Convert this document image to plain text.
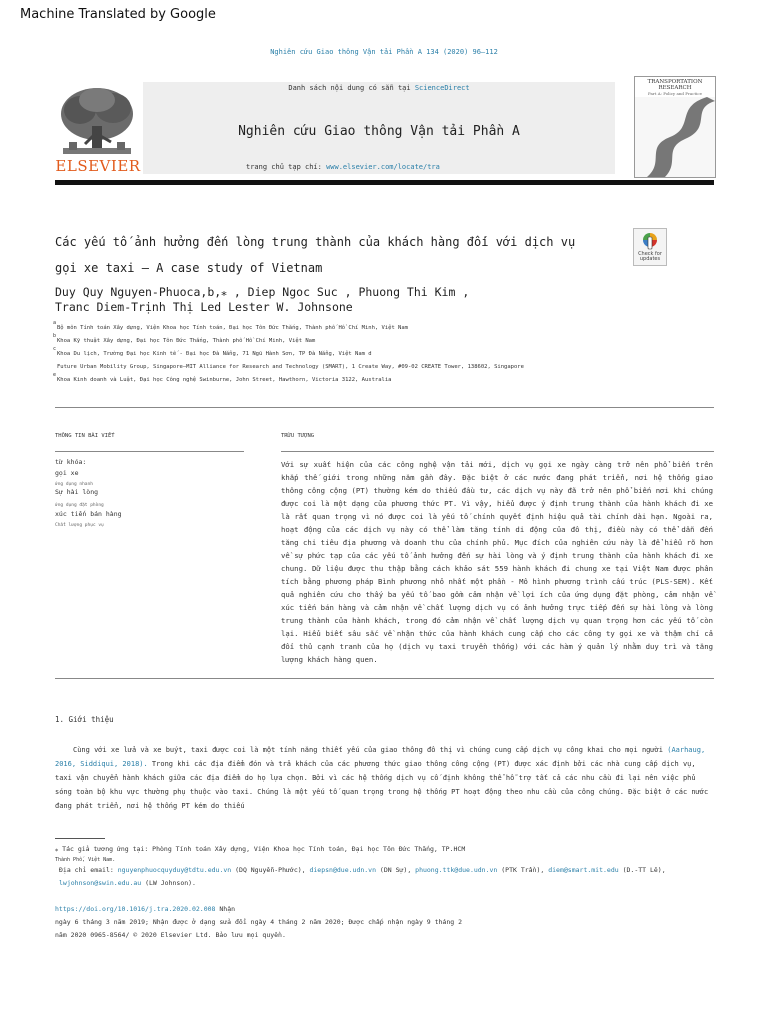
Machine Translated by Google
Nghiên cứu Giao thông Vận tải Phần A 134 (2020) 96–112
ELSEVIER
Danh sách nội dung có sẵn tại ScienceDirect
Nghiên cứu Giao thông Vận tải Phần A
trang chủ tạp chí: www.elsevier.com/locate/tra
TRANSPORTATION RESEARCH
Part A: Policy and Practice
Các yếu tố ảnh hưởng đến lòng trung thành của khách hàng đối với dịch vụ
gọi xe taxi – A case study of Vietnam
Check for updates
Duy Quy Nguyen-Phuoca,b,⁎ , Diep Ngoc Suc , Phuong Thi Kim ,
Tranc Diem-Trịnh Thị Led Lester W. Johnsone
a
Bộ môn Tính toán Xây dựng, Viện Khoa học Tính toán, Đại học Tôn Đức Thắng, Thành phố Hồ Chí Minh, Việt Nam
b
Khoa Kỹ thuật Xây dựng, Đại học Tôn Đức Thắng, Thành phố Hồ Chí Minh, Việt Nam
c
Khoa Du lịch, Trường Đại học Kinh tế - Đại học Đà Nẵng, 71 Ngũ Hành Sơn, TP Đà Nẵng, Việt Nam d
Future Urban Mobility Group, Singapore–MIT Alliance for Research and Technology (SMART), 1 Create Way, #09-02 CREATE Tower, 138602, Singapore
e
Khoa Kinh doanh và Luật, Đại học Công nghệ Swinburne, John Street, Hawthorn, Victoria 3122, Australia
THÔNG TIN BÀI VIẾT	TRỪU TƯỢNG
từ khóa:
gọi xe
ứng dụng nhanh
Sự hài lòng
ứng dụng đặt phòng
xúc tiến bán hàng
Chất lượng phục vụ
Với sự xuất hiện của các công nghệ vận tải mới, dịch vụ gọi xe ngày càng trở nên phổ biến trên khắp thế giới trong những năm gần đây. Đặc biệt ở các nước đang phát triển, nơi hệ thống giao thông công cộng (PT) thường kém do thiếu đầu tư, các dịch vụ này đã trở nên phổ biến nơi khi chúng được coi là một dạng của phương thức PT. Vì vậy, hiểu được ý định trung thành của hành khách đi xe là rất quan trọng vì nó được coi là yếu tố chính quyết định hiệu quả tài chính dài hạn. Ngoài ra, hoạt động của các dịch vụ này có thể làm tăng tính di động của đô thị, điều này có thể dẫn đến tăng chi tiêu địa phương và doanh thu của chính phủ. Mục đích của nghiên cứu này là để hiểu rõ hơn về sự phức tạp của các yếu tố ảnh hưởng đến sự hài lòng và ý định trung thành của hành khách đi xe chung. Dữ liệu được thu thập bằng cách khảo sát 559 hành khách đi chung xe tại Việt Nam được phân tích bằng phương pháp Bình phương nhỏ nhất một phần - Mô hình phương trình cấu trúc (PLS-SEM). Kết quả nghiên cứu cho thấy ba yếu tố bao gồm cảm nhận về lợi ích của ứng dụng đặt phòng, cảm nhận về xúc tiến bán hàng và cảm nhận về chất lượng dịch vụ có ảnh hưởng trực tiếp đến sự hài lòng và lòng trung thành của hành khách, trong đó cảm nhận về chất lượng dịch vụ quan trọng hơn các yếu tố còn lại. Hiểu biết sâu sắc về nhận thức của hành khách cung cấp cho các công ty gọi xe và thậm chí cả đối thủ cạnh tranh của họ (dịch vụ taxi truyền thống) với các hàm ý quản lý nhằm duy trì và tăng lượng khách hàng quen.
1. Giới thiệu
Cùng với xe lửa và xe buýt, taxi được coi là một tính năng thiết yếu của giao thông đô thị vì chúng cung cấp dịch vụ công khai cho mọi người (Aarhaug, 2016, Siddiqui, 2018). Trong khi các địa điểm đón và trả khách của các phương thức giao thông công cộng (PT) được xác định bởi các nhà cung cấp dịch vụ, taxi vận chuyển hành khách giữa các địa điểm do họ lựa chọn. Bởi vì các hệ thống dịch vụ cố định không thể hỗ trợ tất cả các nhu cầu đi lại nên việc phủ sóng toàn bộ khu vực thường phụ thuộc vào taxi. Chúng là một yếu tố quan trọng trong hệ thống PT hoạt động theo nhu cầu của công chúng. Đặc biệt ở các nước đang phát triển, nơi hệ thống PT kém do thiếu
⁎ Tác giả tương ứng tại: Phòng Tính toán Xây dựng, Viện Khoa học Tính toán, Đại học Tôn Đức Thắng, TP.HCM
Thành Phố, Việt Nam.
Địa chỉ email: nguyenphuocquyduy@tdtu.edu.vn (DQ Nguyễn-Phước), diepsn@due.udn.vn (DN Sự), phuong.ttk@due.udn.vn (PTK Trần), diem@smart.mit.edu (D.-TT Lê), lwjohnson@swin.edu.au (LW Johnson).
https://doi.org/10.1016/j.tra.2020.02.008 Nhận
ngày 6 tháng 3 năm 2019; Nhận được ở dạng sửa đổi ngày 4 tháng 2 năm 2020; Được chấp nhận ngày 9 tháng 2
năm 2020 0965-8564/ © 2020 Elsevier Ltd. Bảo lưu mọi quyền.
